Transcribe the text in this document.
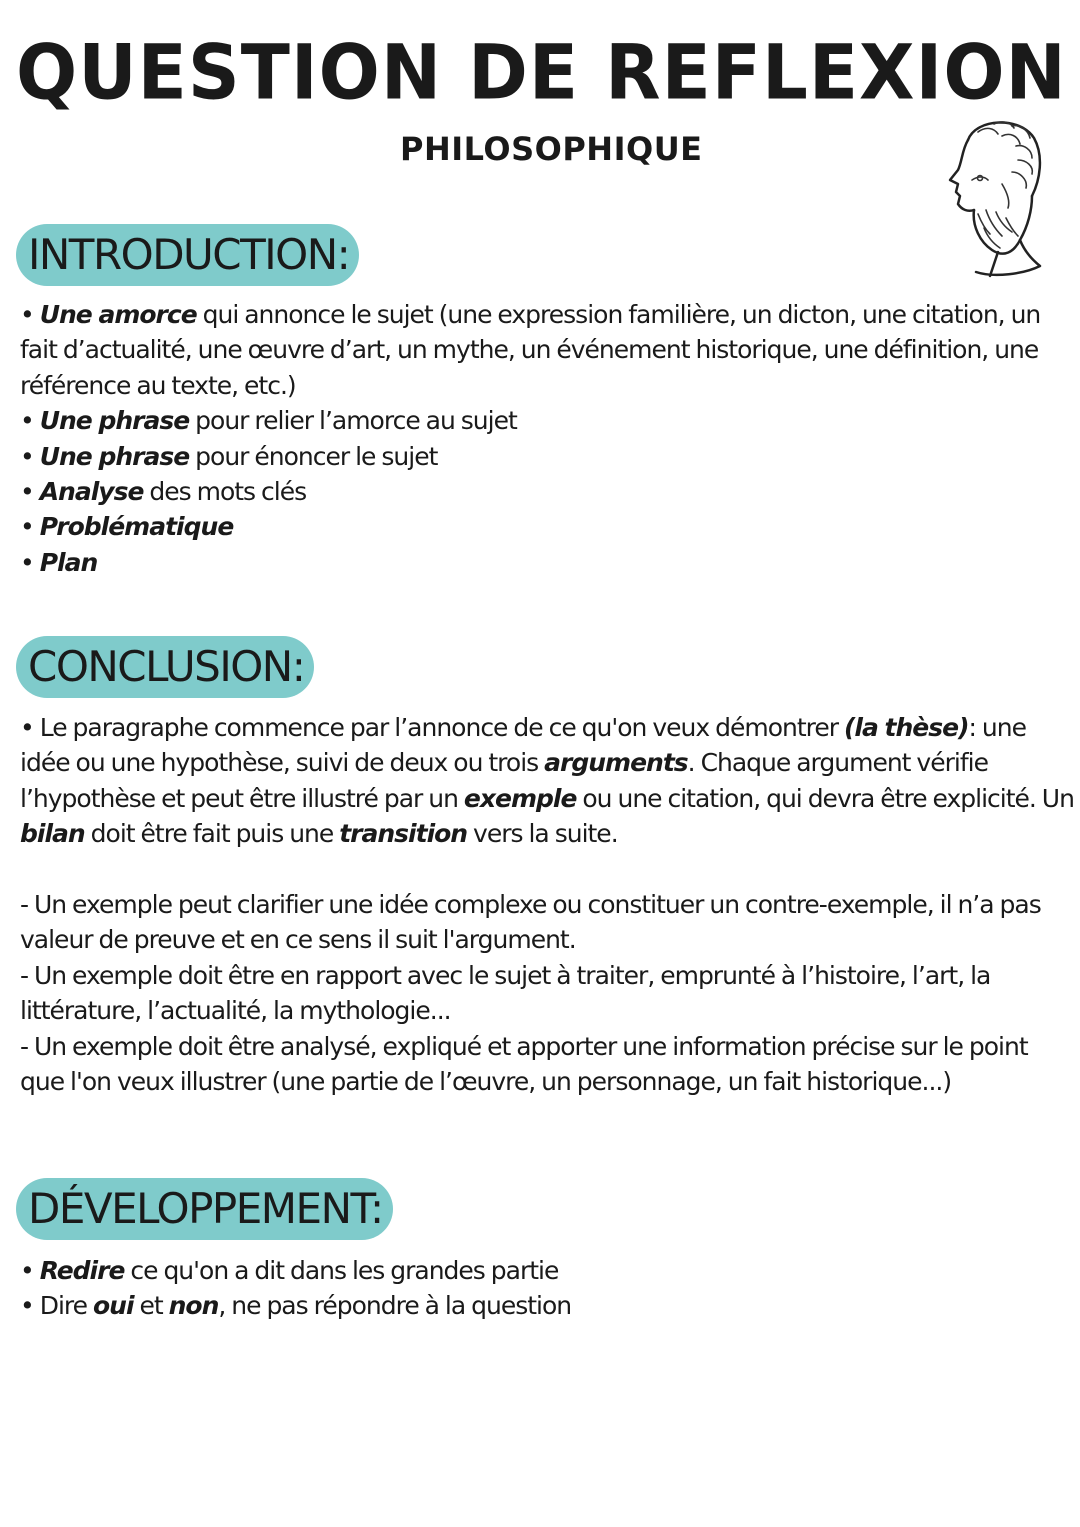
QUESTION DE REFLEXION
PHILOSOPHIQUE
INTRODUCTION:

• Une amorce qui annonce le sujet (une expression familière, un dicton, une citation, un fait d’actualité, une œuvre d’art, un mythe, un événement historique, une définition, une référence au texte, etc.)

• Une phrase pour relier l’amorce au sujet

• Une phrase pour énoncer le sujet

• Analyse des mots clés

• Problématique

• Plan

CONCLUSION:

• Le paragraphe commence par l’annonce de ce qu'on veux démontrer (la thèse): une idée ou une hypothèse, suivi de deux ou trois arguments. Chaque argument vérifie l’hypothèse et peut être illustré par un exemple ou une citation, qui devra être explicité. Un bilan doit être fait puis une transition vers la suite.

- Un exemple peut clarifier une idée complexe ou constituer un contre-exemple, il n’a pas valeur de preuve et en ce sens il suit l'argument.

- Un exemple doit être en rapport avec le sujet à traiter, emprunté à l’histoire, l’art, la littérature, l’actualité, la mythologie...

- Un exemple doit être analysé, expliqué et apporter une information précise sur le point que l'on veux illustrer (une partie de l’œuvre, un personnage, un fait historique...)

DÉVELOPPEMENT:

• Redire ce qu'on a dit dans les grandes partie

• Dire oui et non, ne pas répondre à la question
